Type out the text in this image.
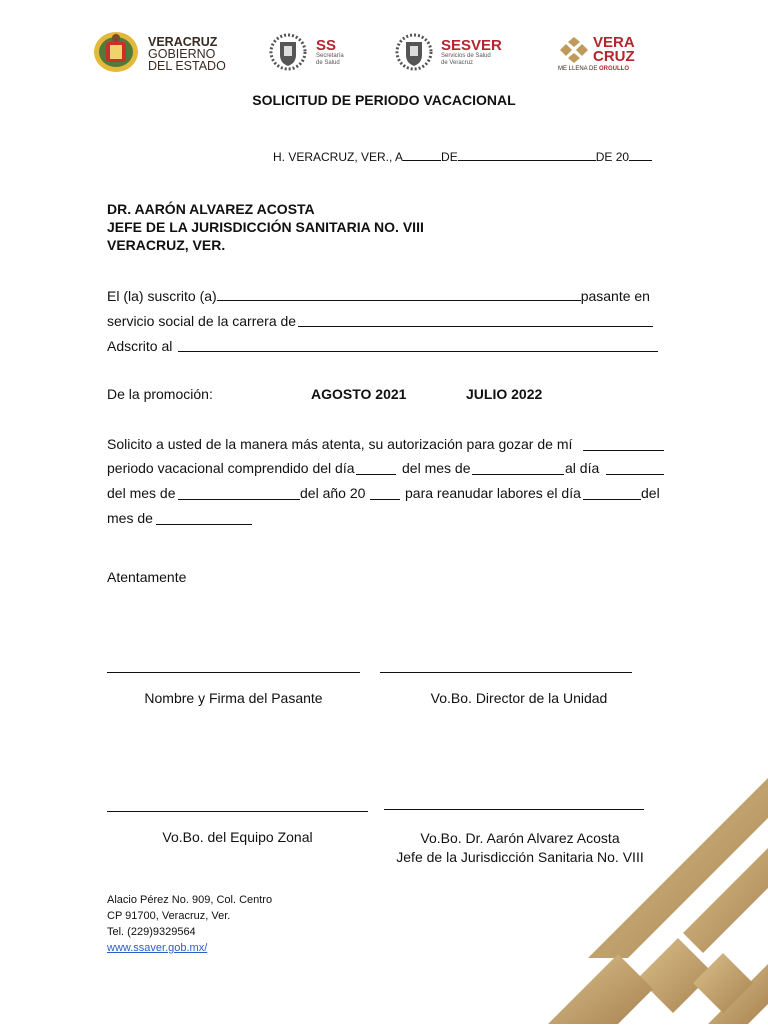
VERACRUZ
GOBIERNO
DEL ESTADO
SS
Secretaría
de Salud
SESVER
Servicios de Salud
de Veracruz
VERA
CRUZ
ME LLENA DE ORGULLO
SOLICITUD DE PERIODO VACACIONAL
H. VERACRUZ, VER., A	DE	DE 20
DR. AARÓN ALVAREZ ACOSTA
JEFE DE LA JURISDICCIÓN SANITARIA NO. VIII
VERACRUZ, VER.
El (la) suscrito (a)	pasante en
servicio social de la carrera de
Adscrito al
De la promoción:	AGOSTO 2021	JULIO 2022
Solicito a usted de la manera más atenta, su autorización para gozar de mí
periodo vacacional comprendido del día	del mes de	al día
del mes de	del año 20	para reanudar labores el día	del
mes de
Atentamente
Nombre y Firma del Pasante	Vo.Bo. Director de la Unidad
Vo.Bo. del Equipo Zonal	Vo.Bo. Dr. Aarón Alvarez Acosta
Jefe de la Jurisdicción Sanitaria No. VIII
Alacio Pérez No. 909, Col. Centro
CP 91700, Veracruz, Ver.
Tel. (229)9329564
www.ssaver.gob.mx/
